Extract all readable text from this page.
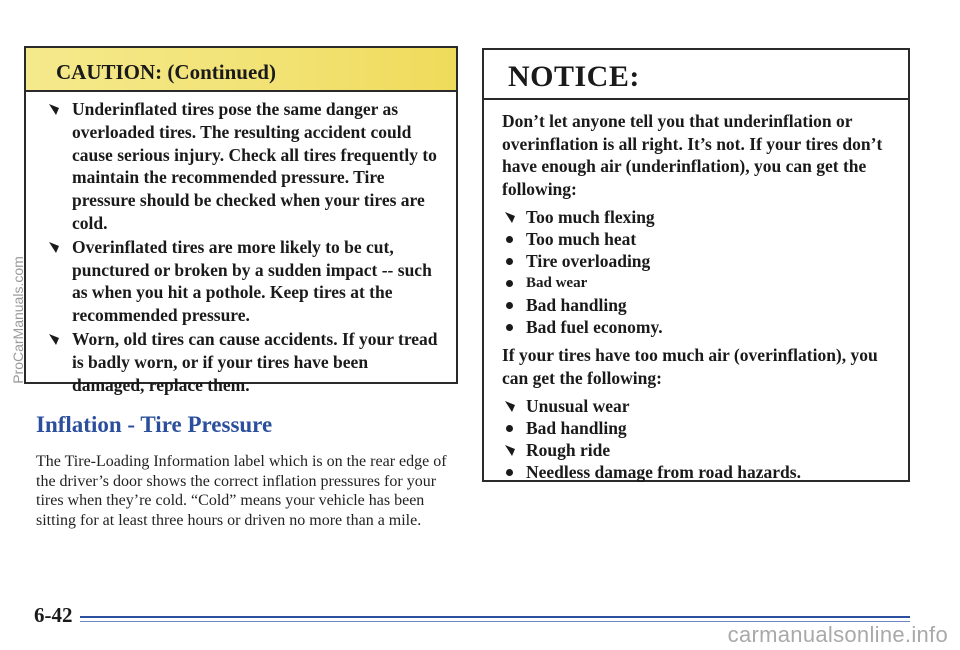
CAUTION: (Continued)
Underinflated tires pose the same danger as overloaded tires. The resulting accident could cause serious injury. Check all tires frequently to maintain the recommended pressure. Tire pressure should be checked when your tires are cold.
Overinflated tires are more likely to be cut, punctured or broken by a sudden impact -- such as when you hit a pothole. Keep tires at the recommended pressure.
Worn, old tires can cause accidents. If your tread is badly worn, or if your tires have been damaged, replace them.
Inflation - Tire Pressure

The Tire-Loading Information label which is on the rear edge of the driver’s door shows the correct inflation pressures for your tires when they’re cold. “Cold” means your vehicle has been sitting for at least three hours or driven no more than a mile.

NOTICE:

Don’t let anyone tell you that underinflation or overinflation is all right. It’s not. If your tires don’t have enough air (underinflation), you can get the following:

Too much flexing
Too much heat
Tire overloading
Bad wear
Bad handling
Bad fuel economy.

If your tires have too much air (overinflation), you can get the following:

Unusual wear
Bad handling
Rough ride
Needless damage from road hazards.
6-42
ProCarManuals.com
carmanualsonline.info
